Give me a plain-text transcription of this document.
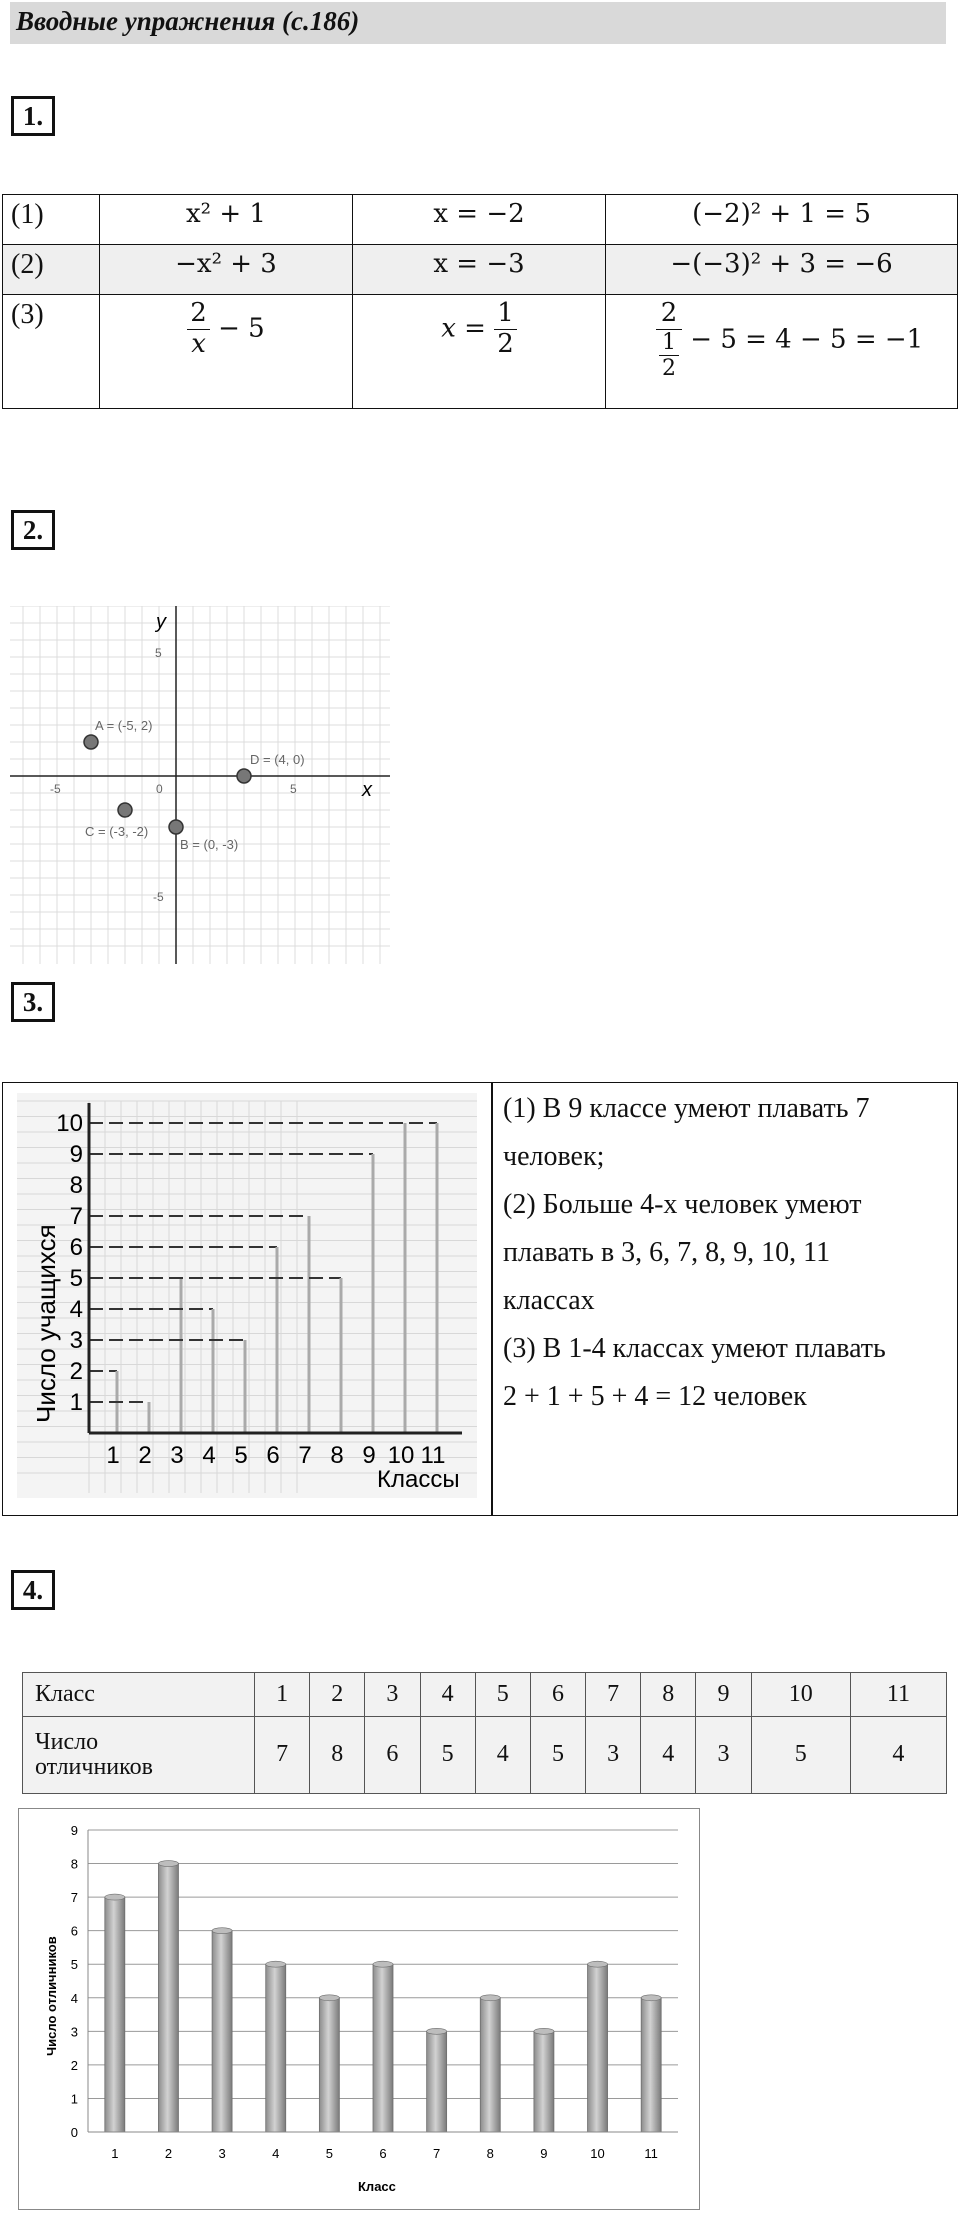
Вводные упражнения (с.186)
1.
(1)	x² + 1	x = −2	(−2)² + 1 = 5
(2)	−x² + 3	x = −3	−(−3)² + 3 = −6
(3)	$\frac{2}{x} - 5$	$x = \frac{1}{2}$	$\frac{2}{\frac{1}{2}} - 5 = 4 - 5 = -1$
2.
x
y
-5	0	5
5
-5
A = (-5, 2)
B = (0, -3)
C = (-3, -2)
D = (4, 0)
3.
1
2
3
4
5
6
7
8
9
10
1 2 3 4 5 6 7 8 9 10 11
Классы
Число учащихся
(1) В 9 классе умеют плавать 7
человек;
(2) Больше 4-х человек умеют
плавать в 3, 6, 7, 8, 9, 10, 11
классах
(3) В 1-4 классах умеют плавать
2 + 1 + 5 + 4 = 12 человек
4.
Класс	1	2	3	4	5	6	7	8	9	10	11

Число
отличников	7	8	6	5	4	5	3	4	3	5	4
0
1
2
3
4
5
6
7
8
9
1	2	3	4	5	6	7	8	9	10	11
Класс
Число отличников
